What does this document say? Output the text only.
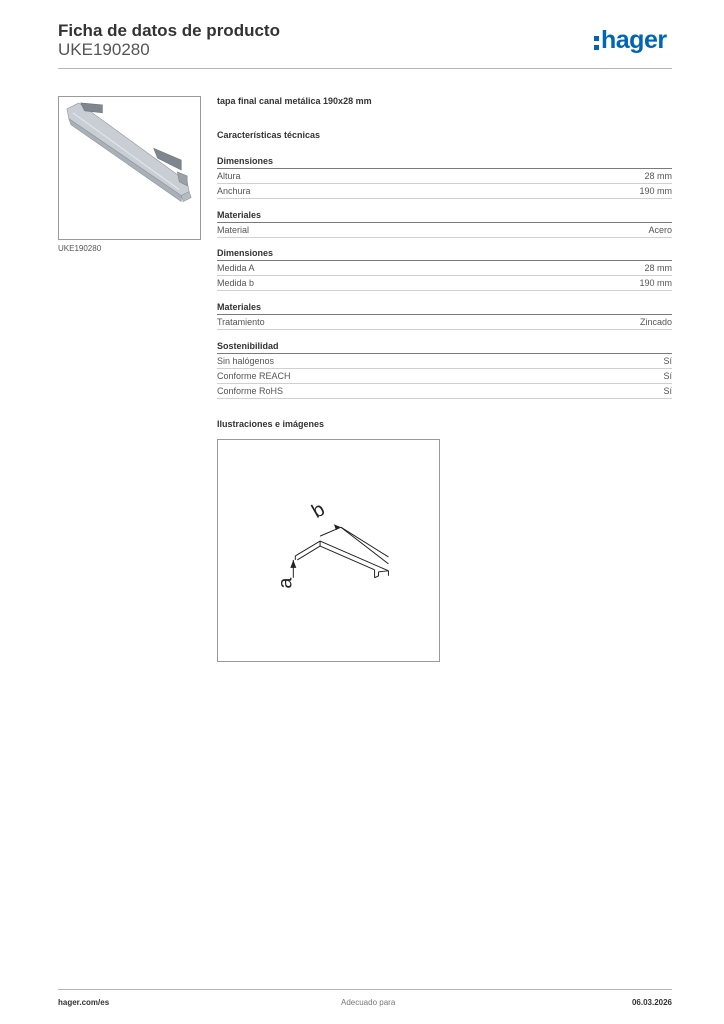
Ficha de datos de producto
UKE190280	hager
UKE190280
tapa final canal metálica 190x28 mm
Características técnicas
Dimensiones
Altura	28 mm
Anchura	190 mm
Materiales
Material	Acero
Dimensiones
Medida A	28 mm
Medida b	190 mm
Materiales
Tratamiento	Zincado
Sostenibilidad
Sin halógenos	Sí
Conforme REACH	Sí
Conforme RoHS	Sí
Ilustraciones e imágenes
b
a
hager.com/es	Adecuado para	06.03.2026
